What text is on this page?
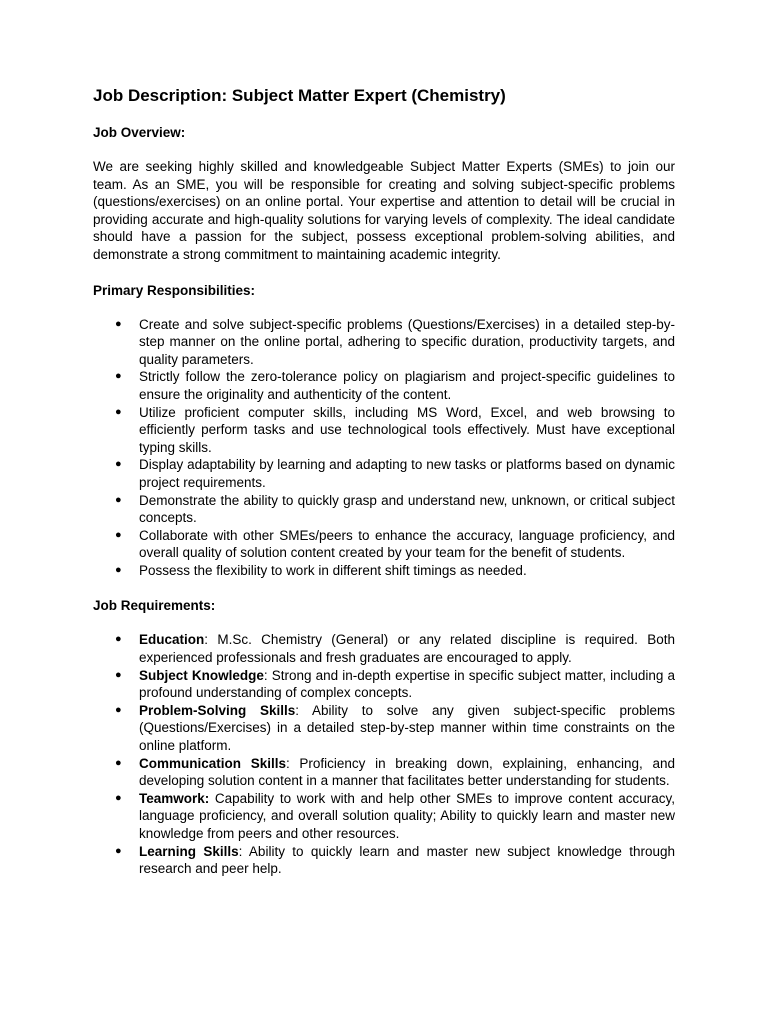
Job Description: Subject Matter Expert (Chemistry)
Job Overview:

We are seeking highly skilled and knowledgeable Subject Matter Experts (SMEs) to join our team. As an SME, you will be responsible for creating and solving subject-specific problems (questions/exercises) on an online portal. Your expertise and attention to detail will be crucial in providing accurate and high-quality solutions for varying levels of complexity. The ideal candidate should have a passion for the subject, possess exceptional problem-solving abilities, and demonstrate a strong commitment to maintaining academic integrity.

Primary Responsibilities:
● Create and solve subject-specific problems (Questions/Exercises) in a detailed step-by-step manner on the online portal, adhering to specific duration, productivity targets, and quality parameters.
● Strictly follow the zero-tolerance policy on plagiarism and project-specific guidelines to ensure the originality and authenticity of the content.
● Utilize proficient computer skills, including MS Word, Excel, and web browsing to efficiently perform tasks and use technological tools effectively. Must have exceptional typing skills.
● Display adaptability by learning and adapting to new tasks or platforms based on dynamic project requirements.
● Demonstrate the ability to quickly grasp and understand new, unknown, or critical subject concepts.
● Collaborate with other SMEs/peers to enhance the accuracy, language proficiency, and overall quality of solution content created by your team for the benefit of students.
● Possess the flexibility to work in different shift timings as needed.
Job Requirements:
● Education: M.Sc. Chemistry (General) or any related discipline is required. Both experienced professionals and fresh graduates are encouraged to apply.
● Subject Knowledge: Strong and in-depth expertise in specific subject matter, including a profound understanding of complex concepts.
● Problem-Solving Skills: Ability to solve any given subject-specific problems (Questions/Exercises) in a detailed step-by-step manner within time constraints on the online platform.
● Communication Skills: Proficiency in breaking down, explaining, enhancing, and developing solution content in a manner that facilitates better understanding for students.
● Teamwork: Capability to work with and help other SMEs to improve content accuracy, language proficiency, and overall solution quality; Ability to quickly learn and master new knowledge from peers and other resources.
● Learning Skills: Ability to quickly learn and master new subject knowledge through research and peer help.
